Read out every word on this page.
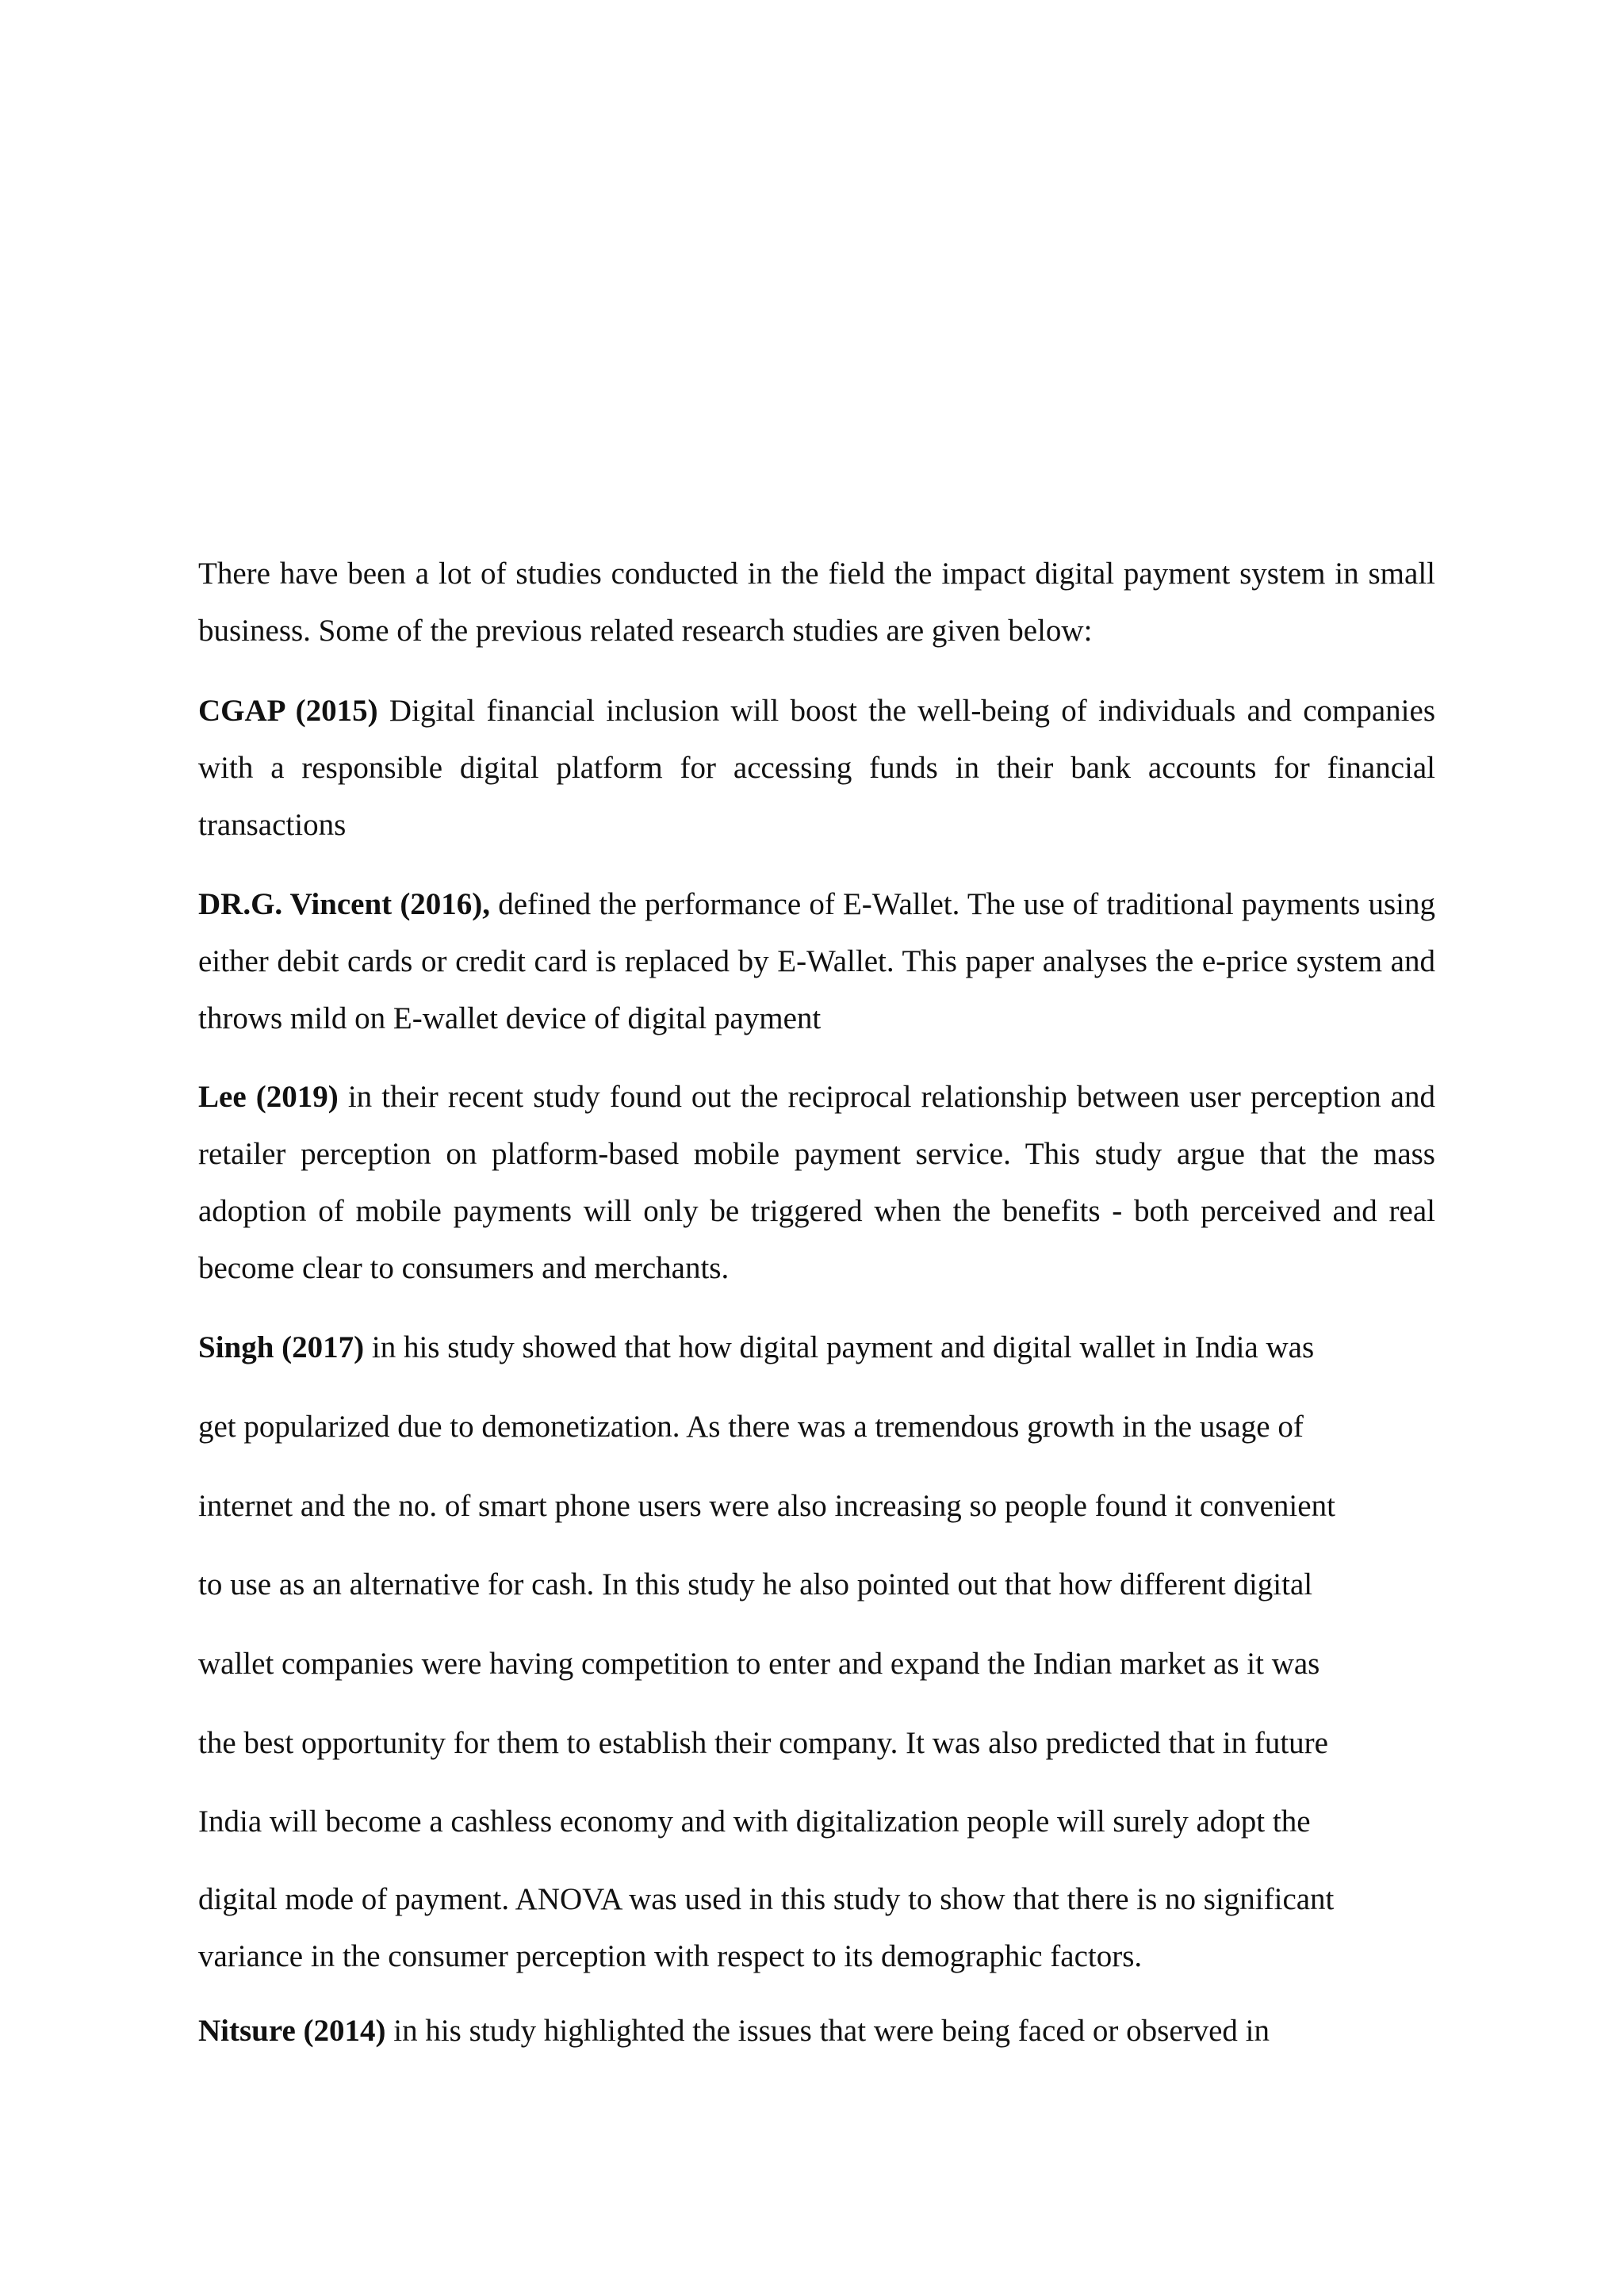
There have been a lot of studies conducted in the field the impact digital payment system in small business. Some of the previous related research studies are given below:

CGAP (2015) Digital financial inclusion will boost the well-being of individuals and companies with a responsible digital platform for accessing funds in their bank accounts for financial transactions

DR.G. Vincent (2016), defined the performance of E-Wallet. The use of traditional payments using either debit cards or credit card is replaced by E-Wallet. This paper analyses the e-price system and throws mild on E-wallet device of digital payment

Lee (2019) in their recent study found out the reciprocal relationship between user perception and retailer perception on platform-based mobile payment service. This study argue that the mass adoption of mobile payments will only be triggered when the benefits - both perceived and real become clear to consumers and merchants.

Singh (2017) in his study showed that how digital payment and digital wallet in India was

get popularized due to demonetization. As there was a tremendous growth in the usage of

internet and the no. of smart phone users were also increasing so people found it convenient

to use as an alternative for cash. In this study he also pointed out that how different digital

wallet companies were having competition to enter and expand the Indian market as it was

the best opportunity for them to establish their company. It was also predicted that in future

India will become a cashless economy and with digitalization people will surely adopt the

digital mode of payment. ANOVA was used in this study to show that there is no significant

variance in the consumer perception with respect to its demographic factors.

Nitsure (2014) in his study highlighted the issues that were being faced or observed in
